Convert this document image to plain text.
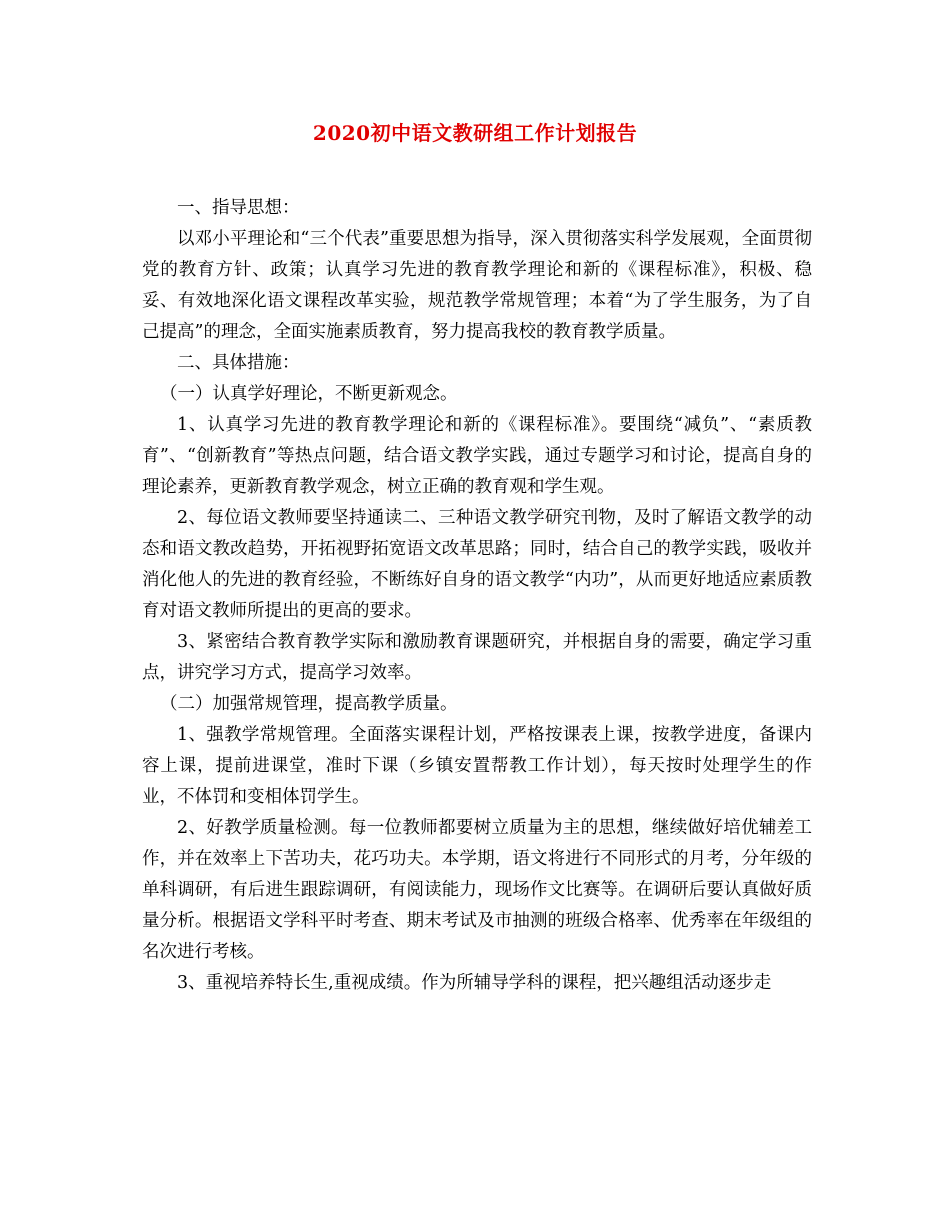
2020初中语文教研组工作计划报告

一、指导思想：

以邓小平理论和“三个代表”重要思想为指导，深入贯彻落实科学发展观，全面贯彻党的教育方针、政策；认真学习先进的教育教学理论和新的《课程标准》，积极、稳妥、有效地深化语文课程改革实验，规范教学常规管理；本着“为了学生服务，为了自己提高”的理念，全面实施素质教育，努力提高我校的教育教学质量。

二、具体措施：

（一）认真学好理论，不断更新观念。

1、认真学习先进的教育教学理论和新的《课程标准》。要围绕“减负”、“素质教育”、“创新教育”等热点问题，结合语文教学实践，通过专题学习和讨论，提高自身的理论素养，更新教育教学观念，树立正确的教育观和学生观。

2、每位语文教师要坚持通读二、三种语文教学研究刊物，及时了解语文教学的动态和语文教改趋势，开拓视野拓宽语文改革思路；同时，结合自己的教学实践，吸收并消化他人的先进的教育经验，不断练好自身的语文教学“内功”，从而更好地适应素质教育对语文教师所提出的更高的要求。

3、紧密结合教育教学实际和激励教育课题研究，并根据自身的需要，确定学习重点，讲究学习方式，提高学习效率。

（二）加强常规管理，提高教学质量。

1、强教学常规管理。全面落实课程计划，严格按课表上课，按教学进度，备课内容上课，提前进课堂，准时下课（乡镇安置帮教工作计划），每天按时处理学生的作业，不体罚和变相体罚学生。

2、好教学质量检测。每一位教师都要树立质量为主的思想，继续做好培优辅差工作，并在效率上下苦功夫，花巧功夫。本学期，语文将进行不同形式的月考，分年级的单科调研，有后进生跟踪调研，有阅读能力，现场作文比赛等。在调研后要认真做好质量分析。根据语文学科平时考查、期末考试及市抽测的班级合格率、优秀率在年级组的名次进行考核。

3、重视培养特长生,重视成绩。作为所辅导学科的课程，把兴趣组活动逐步走
